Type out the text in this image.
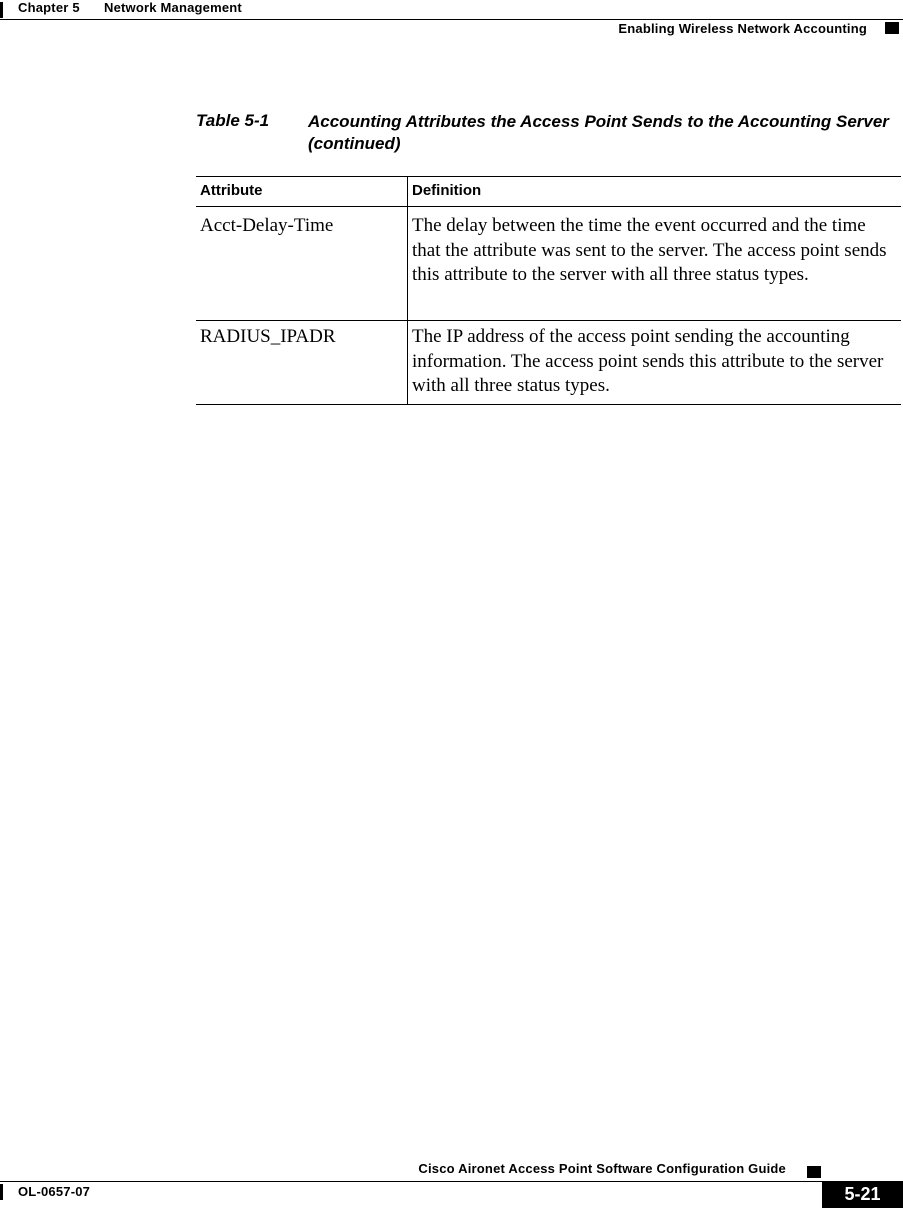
Chapter 5 Network Management
Enabling Wireless Network Accounting
Table 5-1 Accounting Attributes the Access Point Sends to the Accounting Server (continued)
Attribute	Definition
Acct-Delay-Time	The delay between the time the event occurred and the time that the attribute was sent to the server. The access point sends this attribute to the server with all three status types.
RADIUS_IPADR	The IP address of the access point sending the accounting information. The access point sends this attribute to the server with all three status types.
Cisco Aironet Access Point Software Configuration Guide
OL-0657-07	5-21
